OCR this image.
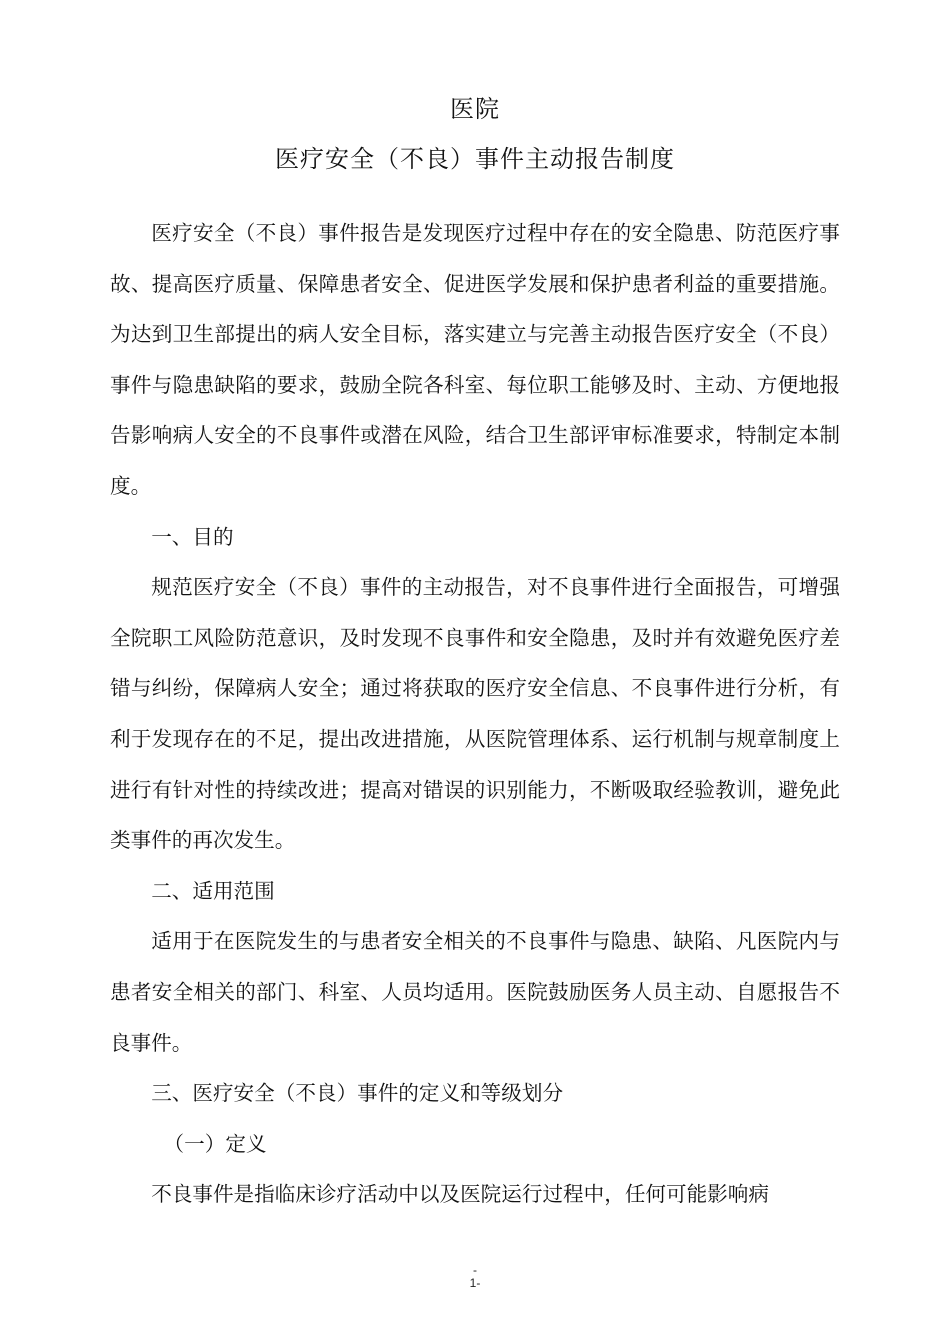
医院
医疗安全（不良）事件主动报告制度

医疗安全（不良）事件报告是发现医疗过程中存在的安全隐患、防范医疗事故、提高医疗质量、保障患者安全、促进医学发展和保护患者利益的重要措施。为达到卫生部提出的病人安全目标，落实建立与完善主动报告医疗安全（不良）事件与隐患缺陷的要求，鼓励全院各科室、每位职工能够及时、主动、方便地报告影响病人安全的不良事件或潜在风险，结合卫生部评审标准要求，特制定本制度。

一、目的

规范医疗安全（不良）事件的主动报告，对不良事件进行全面报告，可增强全院职工风险防范意识，及时发现不良事件和安全隐患，及时并有效避免医疗差错与纠纷，保障病人安全；通过将获取的医疗安全信息、不良事件进行分析，有利于发现存在的不足，提出改进措施，从医院管理体系、运行机制与规章制度上进行有针对性的持续改进；提高对错误的识别能力，不断吸取经验教训，避免此类事件的再次发生。

二、适用范围

适用于在医院发生的与患者安全相关的不良事件与隐患、缺陷、凡医院内与患者安全相关的部门、科室、人员均适用。医院鼓励医务人员主动、自愿报告不良事件。

三、医疗安全（不良）事件的定义和等级划分

（一）定义

不良事件是指临床诊疗活动中以及医院运行过程中，任何可能影响病

-
1-
